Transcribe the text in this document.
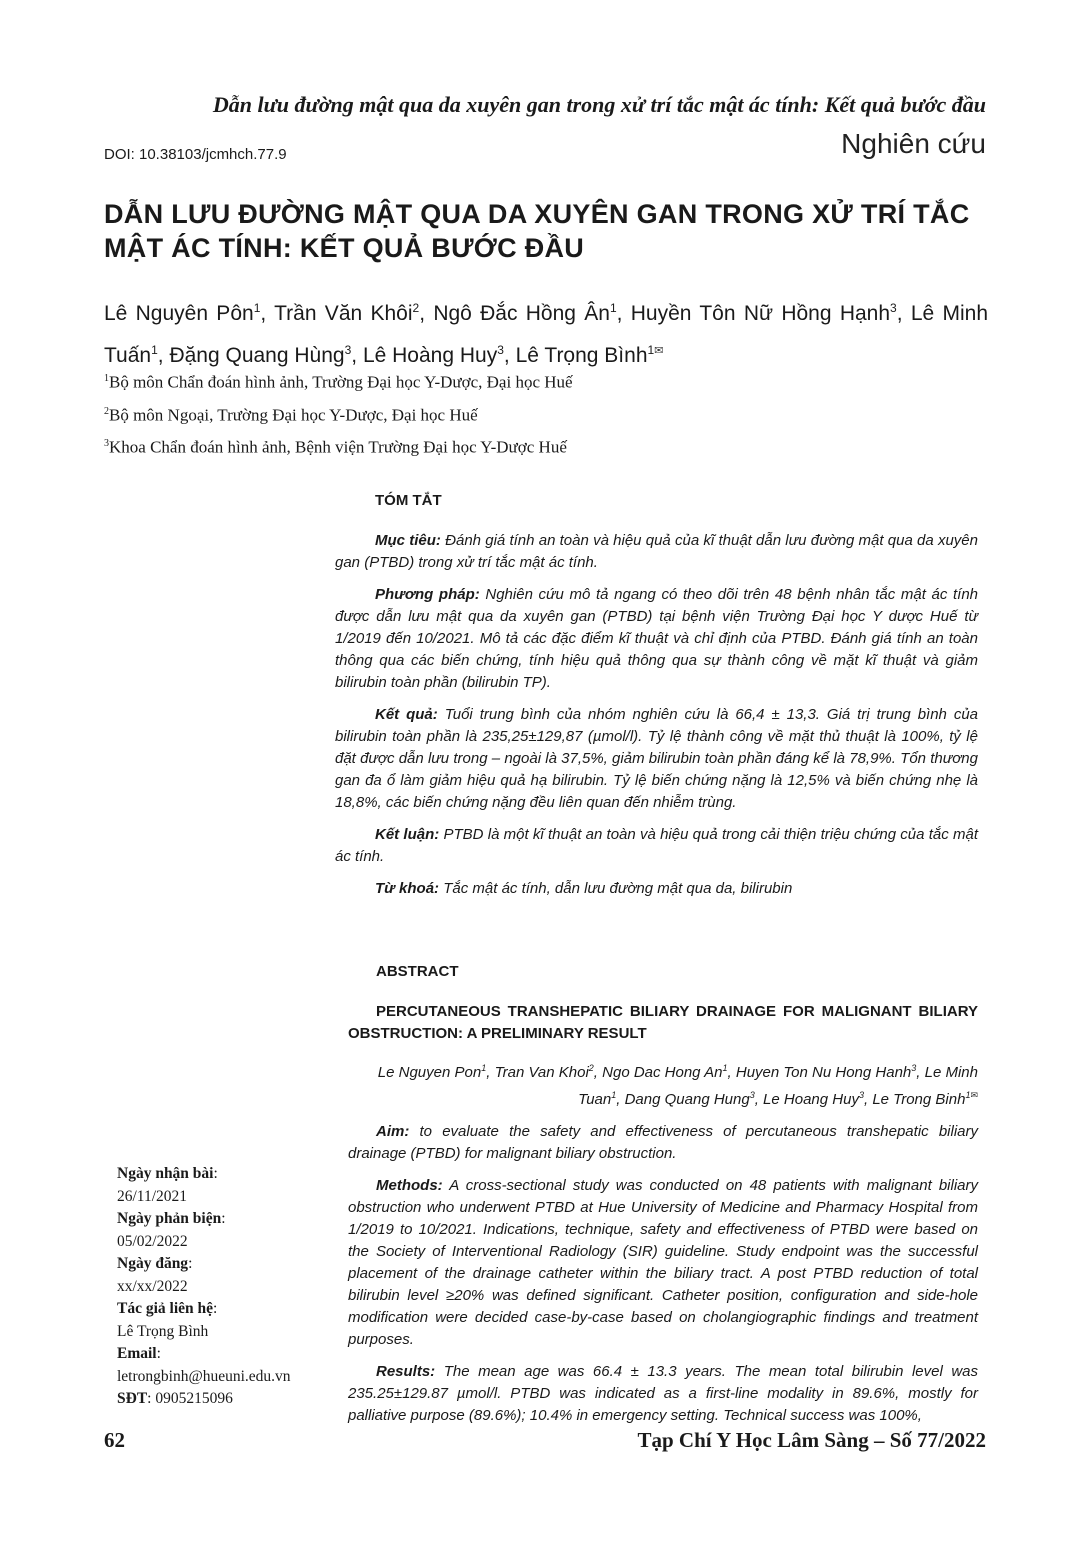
Dẫn lưu đường mật qua da xuyên gan trong xử trí tắc mật ác tính: Kết quả bước đầu
DOI: 10.38103/jcmhch.77.9	Nghiên cứu
DẪN LƯU ĐƯỜNG MẬT QUA DA XUYÊN GAN TRONG XỬ TRÍ TẮC
MẬT ÁC TÍNH: KẾT QUẢ BƯỚC ĐẦU
Lê Nguyên Pôn$^1$, Trần Văn Khôi$^2$, Ngô Đắc Hồng $Ân^1$, Huyền Tôn Nữ Hồng Hạnh$^3$, Lê Minh Tuấn$^1$, Đặng Quang Hùng$^3$, Lê Hoàng Huy$^3$, Lê Trọng Bình$^1$✉
$^1$Bộ môn Chẩn đoán hình ảnh, Trường Đại học Y-Dược, Đại học Huế
$^2$Bộ môn Ngoại, Trường Đại học Y-Dược, Đại học Huế
$^3$Khoa Chẩn đoán hình ảnh, Bệnh viện Trường Đại học Y-Dược Huế
TÓM TẮT

Mục tiêu: Đánh giá tính an toàn và hiệu quả của kĩ thuật dẫn lưu đường mật qua da xuyên gan (PTBD) trong xử trí tắc mật ác tính.

Phương pháp: Nghiên cứu mô tả ngang có theo dõi trên 48 bệnh nhân tắc mật ác tính được dẫn lưu mật qua da xuyên gan (PTBD) tại bệnh viện Trường Đại học Y dược Huế từ 1/2019 đến 10/2021. Mô tả các đặc điểm kĩ thuật và chỉ định của PTBD. Đánh giá tính an toàn thông qua các biến chứng, tính hiệu quả thông qua sự thành công về mặt kĩ thuật và giảm bilirubin toàn phần (bilirubin TP).

Kết quả: Tuổi trung bình của nhóm nghiên cứu là 66,4 ± 13,3. Giá trị trung bình của bilirubin toàn phần là 235,25±129,87 (µmol/l). Tỷ lệ thành công về mặt thủ thuật là 100%, tỷ lệ đặt được dẫn lưu trong – ngoài là 37,5%, giảm bilirubin toàn phần đáng kể là 78,9%. Tổn thương gan đa ổ làm giảm hiệu quả hạ bilirubin. Tỷ lệ biến chứng nặng là 12,5% và biến chứng nhẹ là 18,8%, các biến chứng nặng đều liên quan đến nhiễm trùng.

Kết luận: PTBD là một kĩ thuật an toàn và hiệu quả trong cải thiện triệu chứng của tắc mật ác tính.

Từ khoá: Tắc mật ác tính, dẫn lưu đường mật qua da, bilirubin

ABSTRACT

PERCUTANEOUS TRANSHEPATIC BILIARY DRAINAGE FOR MALIGNANT BILIARY OBSTRUCTION: A PRELIMINARY RESULT

Le Nguyen Pon$^1$, Tran Van Khoi$^2$, Ngo Dac Hong An$^1$, Huyen Ton Nu Hong Hanh$^3$, Le Minh Tuan$^1$, Dang Quang Hung$^3$, Le Hoang Huy$^3$, Le Trong Binh$^1$✉

Aim: to evaluate the safety and effectiveness of percutaneous transhepatic biliary drainage (PTBD) for malignant biliary obstruction.

Methods: A cross-sectional study was conducted on 48 patients with malignant biliary obstruction who underwent PTBD at Hue University of Medicine and Pharmacy Hospital from 1/2019 to 10/2021. Indications, technique, safety and effectiveness of PTBD were based on the Society of Interventional Radiology (SIR) guideline. Study endpoint was the successful placement of the drainage catheter within the biliary tract. A post PTBD reduction of total bilirubin level ≥20% was defined significant. Catheter position, configuration and side-hole modification were decided case-by-case based on cholangiographic findings and treatment purposes.

Results: The mean age was 66.4 ± 13.3 years. The mean total bilirubin level was 235.25±129.87 µmol/l. PTBD was indicated as a first-line modality in 89.6%, mostly for palliative purpose (89.6%); 10.4% in emergency setting. Technical success was 100%,

Ngày nhận bài:
26/11/2021
Ngày phản biện:
05/02/2022
Ngày đăng:
xx/xx/2022
Tác giả liên hệ:
Lê Trọng Bình
Email:
letrongbinh@hueuni.edu.vn
SĐT: 0905215096
62	Tạp Chí Y Học Lâm Sàng – Số 77/2022
